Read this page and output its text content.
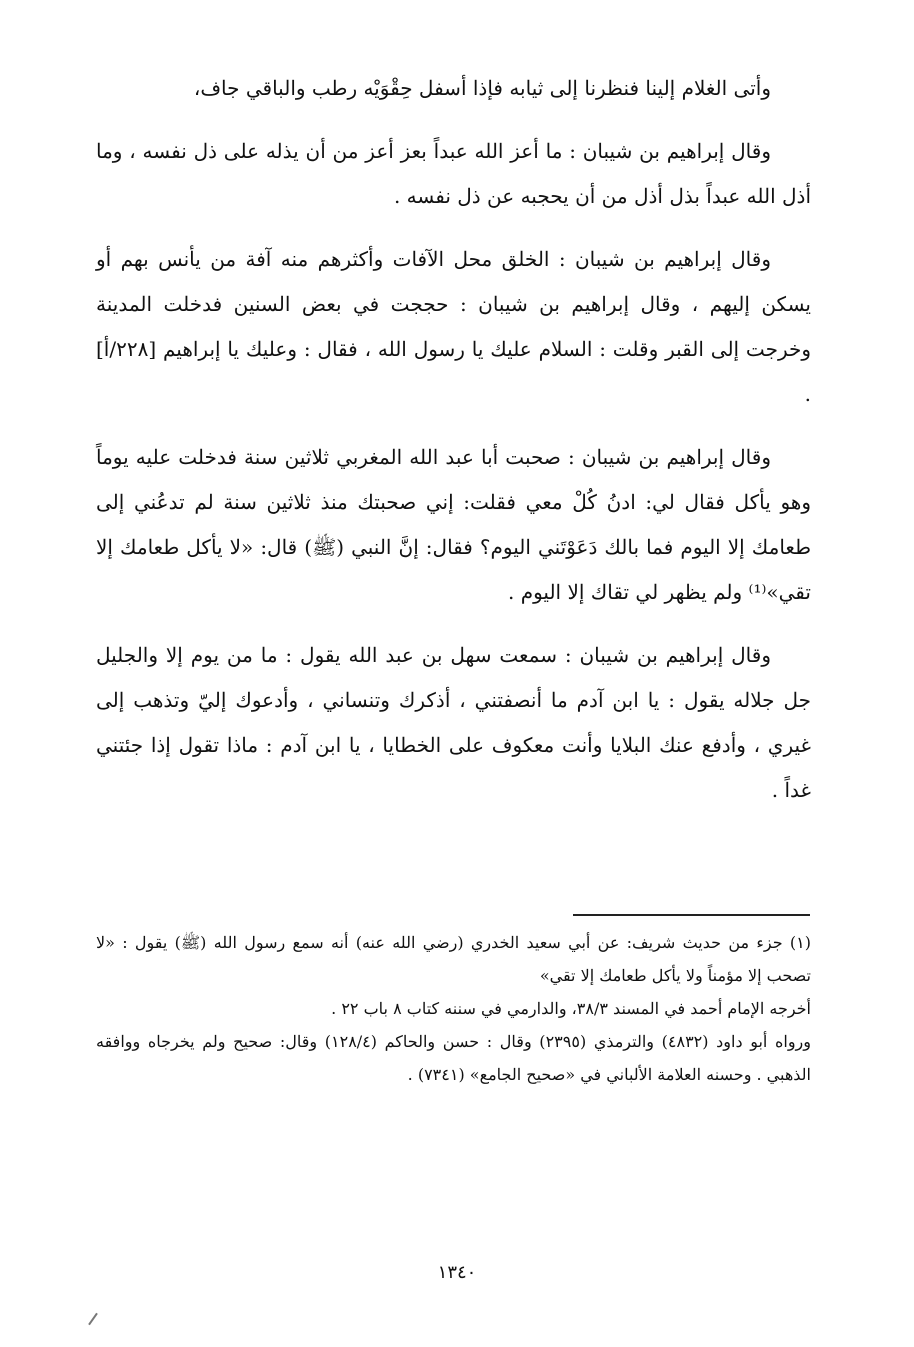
وأتى الغلام إلينا فنظرنا إلى ثيابه فإذا أسفل حِقْوَيْه رطب والباقي جاف،

وقال إبراهيم بن شيبان : ما أعز الله عبداً بعز أعز من أن يذله على ذل نفسه ، وما أذل الله عبداً بذل أذل من أن يحجبه عن ذل نفسه .

وقال إبراهيم بن شيبان : الخلق محل الآفات وأكثرهم منه آفة من يأنس بهم أو يسكن إليهم ، وقال إبراهيم بن شيبان : حججت في بعض السنين فدخلت المدينة وخرجت إلى القبر وقلت : السلام عليك يا رسول الله ، فقال : وعليك يا إبراهيم [٢٢٨/أ] .

وقال إبراهيم بن شيبان : صحبت أبا عبد الله المغربي ثلاثين سنة فدخلت عليه يوماً وهو يأكل فقال لي: ادنُ كُلْ معي فقلت: إني صحبتك منذ ثلاثين سنة لم تدعُني إلى طعامك إلا اليوم فما بالك دَعَوْتَني اليوم؟ فقال: إنَّ النبي (ﷺ) قال: «لا يأكل طعامك إلا تقي»⁽¹⁾ ولم يظهر لي تقاك إلا اليوم .

وقال إبراهيم بن شيبان : سمعت سهل بن عبد الله يقول : ما من يوم إلا والجليل جل جلاله يقول : يا ابن آدم ما أنصفتني ، أذكرك وتنساني ، وأدعوك إليّ وتذهب إلى غيري ، وأدفع عنك البلايا وأنت معكوف على الخطايا ، يا ابن آدم : ماذا تقول إذا جئتني غداً .

(١) جزء من حديث شريف: عن أبي سعيد الخدري (رضي الله عنه) أنه سمع رسول الله (ﷺ) يقول : «لا تصحب إلا مؤمناً ولا يأكل طعامك إلا تقي»

أخرجه الإمام أحمد في المسند ٣٨/٣، والدارمي في سننه كتاب ٨ باب ٢٢ .

ورواه أبو داود (٤٨٣٢) والترمذي (٢٣٩٥) وقال : حسن والحاكم (١٢٨/٤) وقال: صحيح ولم يخرجاه ووافقه الذهبي . وحسنه العلامة الألباني في «صحيح الجامع» (٧٣٤١) .

١٣٤٠
